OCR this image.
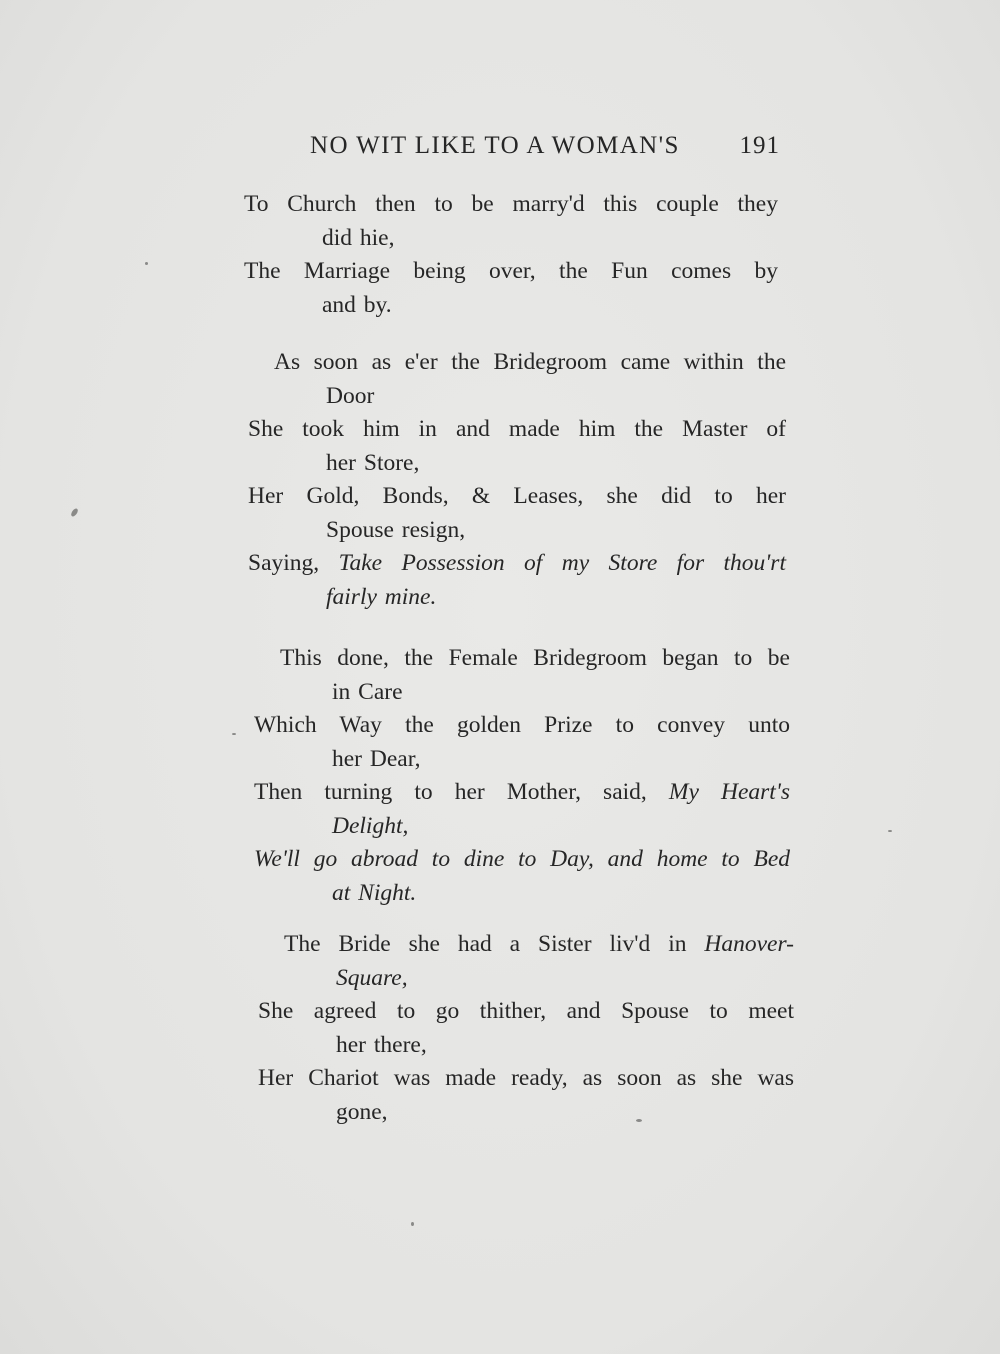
NO WIT LIKE TO A WOMAN'S 191
To Church then to be marry'd this couple they
did hie,
The Marriage being over, the Fun comes by
and by.
As soon as e'er the Bridegroom came within the
Door
She took him in and made him the Master of
her Store,
Her Gold, Bonds, & Leases, she did to her
Spouse resign,
Saying, Take Possession of my Store for thou'rt
fairly mine.
This done, the Female Bridegroom began to be
in Care
Which Way the golden Prize to convey unto
her Dear,
Then turning to her Mother, said, My Heart's
Delight,
We'll go abroad to dine to Day, and home to Bed
at Night.
The Bride she had a Sister liv'd in Hanover-
Square,
She agreed to go thither, and Spouse to meet
her there,
Her Chariot was made ready, as soon as she was
gone,
